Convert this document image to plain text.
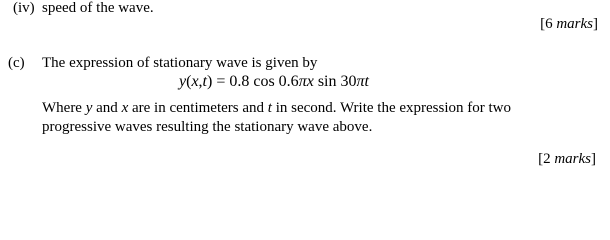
(iv) speed of the wave.
[6 marks]
(c) The expression of stationary wave is given by
y(x,t) = 0.8 cos 0.6πx sin 30πt
Where y and x are in centimeters and t in second. Write the expression for two
progressive waves resulting the stationary wave above.
[2 marks]
